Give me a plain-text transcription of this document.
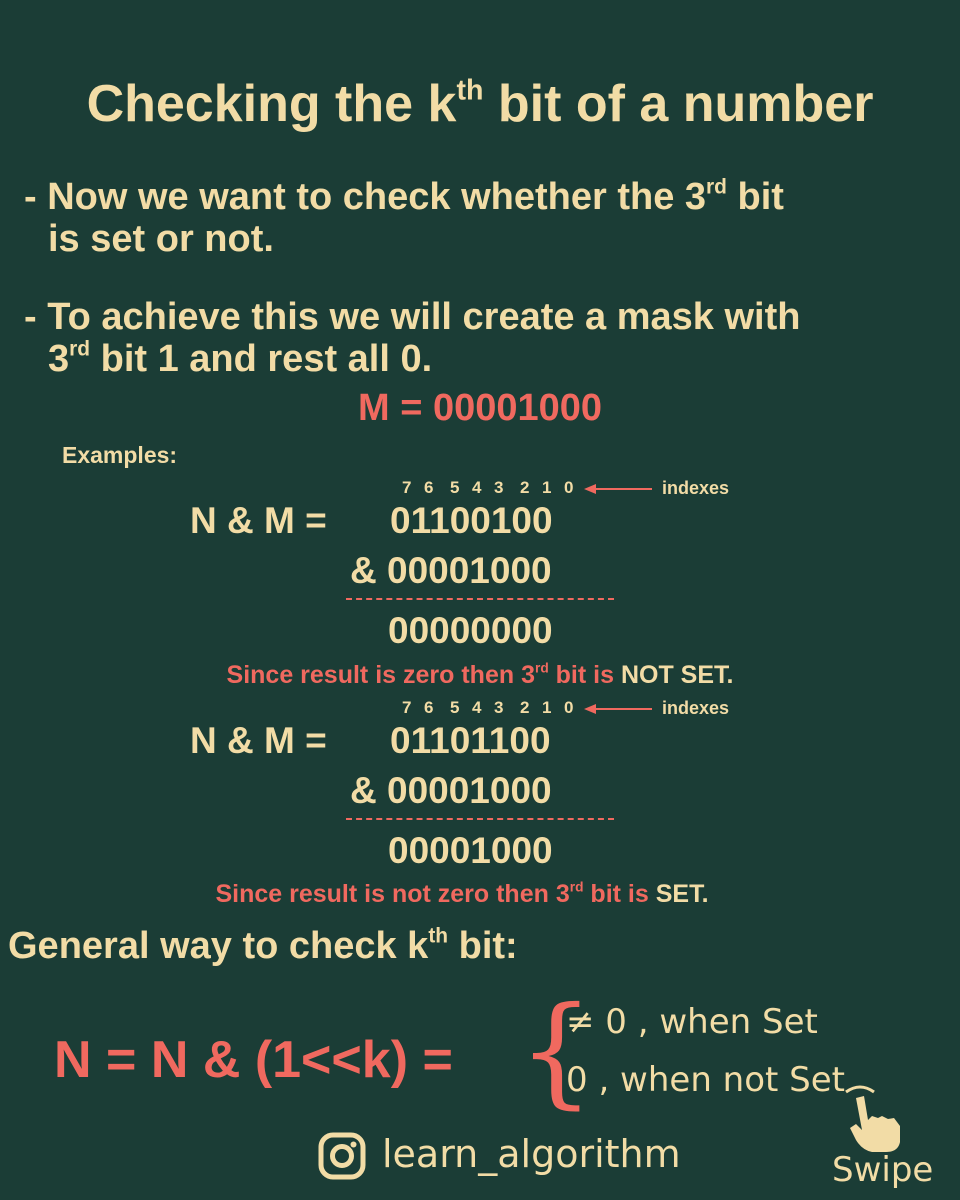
Checking the $k^{th}$ bit of a number
- Now we want to check whether the 3rd bit
is set or not.
- To achieve this we will create a mask with
3rd bit 1 and rest all 0.
M = 00001000
Examples:
7 6 5 4 3 2 1 0	indexes
N & M = 01100100
& 00001000
00000000
Since result is zero then 3rd bit is NOT SET.
7 6 5 4 3 2 1 0	indexes
N & M = 01101100
& 00001000
00001000
Since result is not zero then 3rd bit is SET.
General way to check $k^{th}$ bit:
N = N & (1<<k) = {
≠ 0 , when Set
0 , when not Set
learn_algorithm	Swipe
